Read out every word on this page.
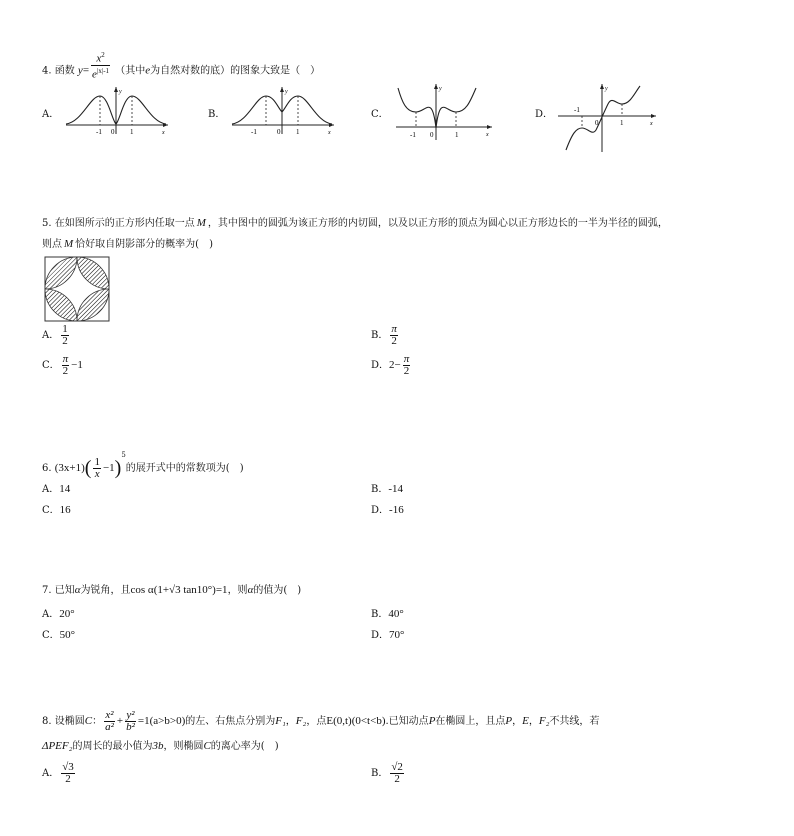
4. 函数 $y= \frac{x^2}{e^{|x|-1}}$ （其中e为自然对数的底）的图象大致是（　）
A．
-1 0 1	x
y
B．
-1	0 1	x
y
C．
-1 0	1	x
y
D．	-1
0	1	x
y
5. 在如图所示的正方形内任取一点 M ，其中图中的圆弧为该正方形的内切圆，以及以正方形的顶点为圆心以正方形边长的一半为半径的圆弧，
则点 M 恰好取自阴影部分的概率为(　)
A． $\frac{1}{2}$	B． $\frac{\pi}{2}$
C． $\frac{\pi}{2} -1$	D．$2- \frac{\pi}{2}$
6. $(3x+1)( \frac{1}{x} -1)^5$的展开式中的常数项为(　)
A．14	B．-14
C．16	D．-16
7. 已知α为锐角，且cos α(1+√3 tan10°)=1，则α的值为(　)
A．20°	B．40°
C．50°	D．70°
8. 设椭圆C： $\frac{\text{x²}}{\text{a²}} + \frac{\text{y²}}{\text{b²}} =1(a>b>0)$的左、右焦点分别为F₁，F₂，点E(0,t)(0<t<b).已知动点P在椭圆上，且点P，E，F₂不共线，若
ΔPEF₂的周长的最小值为3b，则椭圆C的离心率为(　)
A． $\frac{√3}{2}$	B． $\frac{√2}{2}$
